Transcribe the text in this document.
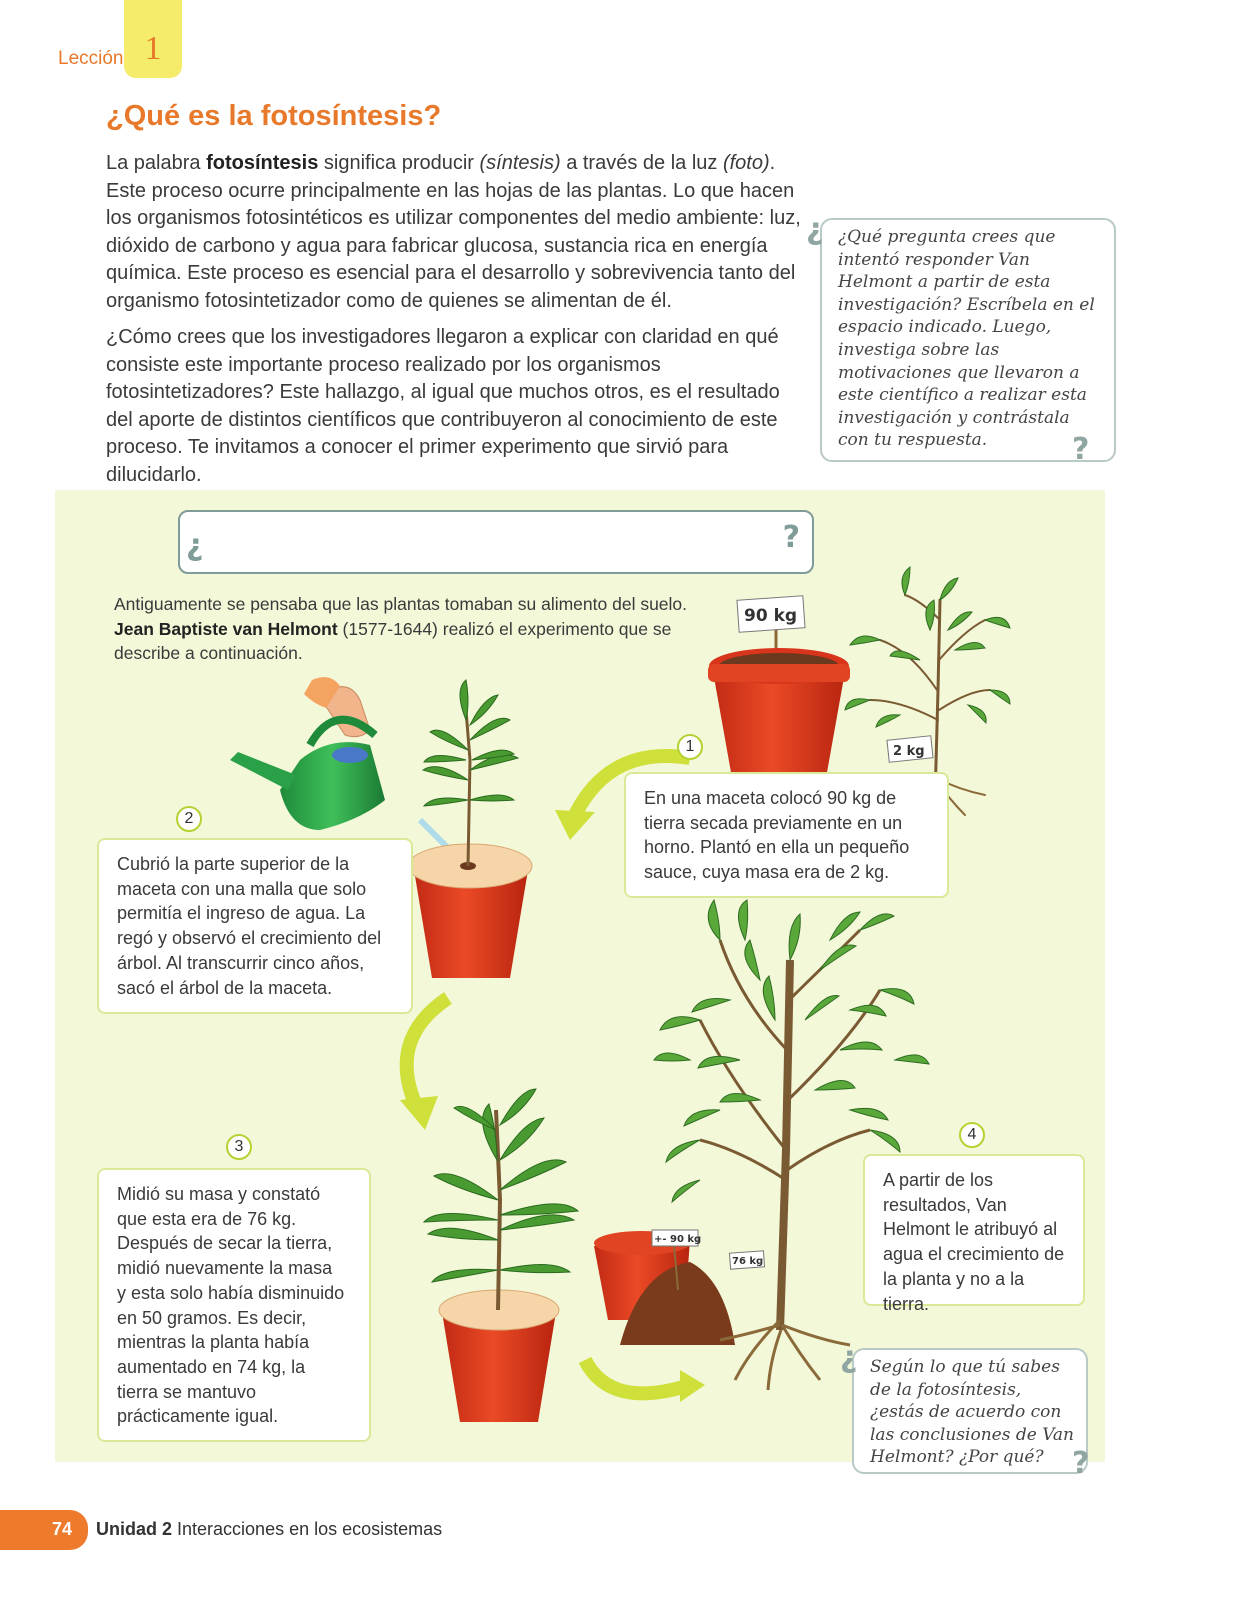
Lección 1
¿Qué es la fotosíntesis?
La palabra fotosíntesis significa producir (síntesis) a través de la luz (foto). Este proceso ocurre principalmente en las hojas de las plantas. Lo que hacen los organismos fotosintéticos es utilizar componentes del medio ambiente: luz, dióxido de carbono y agua para fabricar glucosa, sustancia rica en energía química. Este proceso es esencial para el desarrollo y sobrevivencia tanto del organismo fotosintetizador como de quienes se alimentan de él.
¿Cómo crees que los investigadores llegaron a explicar con claridad en qué consiste este importante proceso realizado por los organismos fotosintetizadores? Este hallazgo, al igual que muchos otros, es el resultado del aporte de distintos científicos que contribuyeron al conocimiento de este proceso. Te invitamos a conocer el primer experimento que sirvió para dilucidarlo.
¿Qué pregunta crees que intentó responder Van Helmont a partir de esta investigación? Escríbela en el espacio indicado. Luego, investiga sobre las motivaciones que llevaron a este científico a realizar esta investigación y contrástala con tu respuesta.
¿
?
¿	?
Antiguamente se pensaba que las plantas tomaban su alimento del suelo. Jean Baptiste van Helmont (1577-1644) realizó el experimento que se describe a continuación.
90 kg
2 kg
+- 90 kg
76 kg
1
En una maceta colocó 90 kg de tierra secada previamente en un horno. Plantó en ella un pequeño sauce, cuya masa era de 2 kg.
2
Cubrió la parte superior de la maceta con una malla que solo permitía el ingreso de agua. La regó y observó el crecimiento del árbol. Al transcurrir cinco años, sacó el árbol de la maceta.
3
Midió su masa y constató que esta era de 76 kg. Después de secar la tierra, midió nuevamente la masa y esta solo había disminuido en 50 gramos. Es decir, mientras la planta había aumentado en 74 kg, la tierra se mantuvo prácticamente igual.
4
A partir de los resultados, Van Helmont le atribuyó al agua el crecimiento de la planta y no a la tierra.
Según lo que tú sabes de la fotosíntesis, ¿estás de acuerdo con las conclusiones de Van Helmont? ¿Por qué?
¿
?
74 Unidad 2 Interacciones en los ecosistemas
